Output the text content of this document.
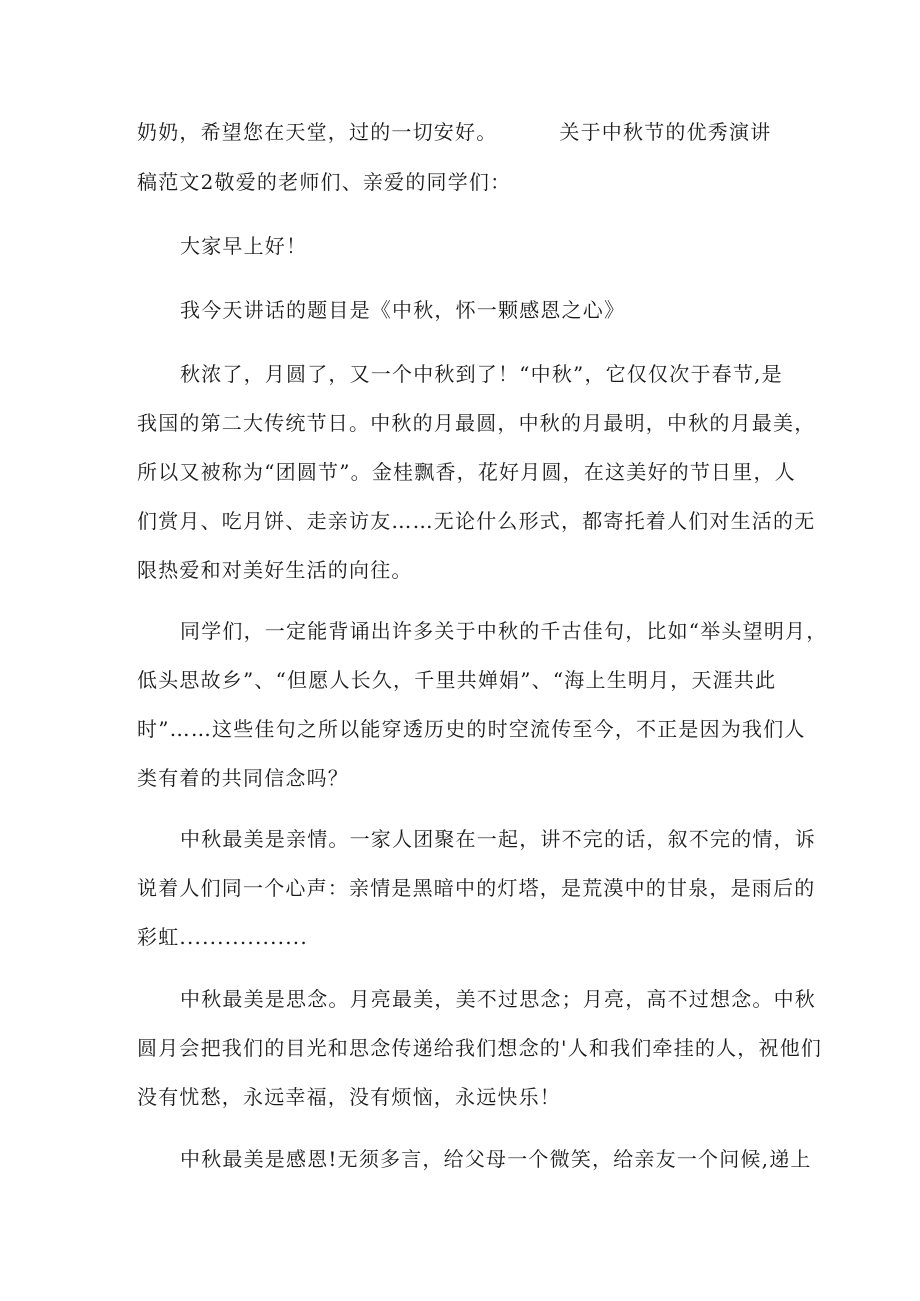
奶奶，希望您在天堂，过的一切安好。	关于中秋节的优秀演讲
稿范文2敬爱的老师们、亲爱的同学们：
大家早上好！
我今天讲话的题目是《中秋，怀一颗感恩之心》
秋浓了，月圆了，又一个中秋到了！“中秋”，它仅仅次于春节,是
我国的第二大传统节日。中秋的月最圆，中秋的月最明，中秋的月最美，
所以又被称为“团圆节”。金桂飘香，花好月圆，在这美好的节日里，人
们赏月、吃月饼、走亲访友……无论什么形式，都寄托着人们对生活的无
限热爱和对美好生活的向往。
同学们，一定能背诵出许多关于中秋的千古佳句，比如“举头望明月，
低头思故乡”、“但愿人长久，千里共婵娟”、“海上生明月，天涯共此
时”……这些佳句之所以能穿透历史的时空流传至今，不正是因为我们人
类有着的共同信念吗？
中秋最美是亲情。一家人团聚在一起，讲不完的话，叙不完的情，诉
说着人们同一个心声：亲情是黑暗中的灯塔，是荒漠中的甘泉，是雨后的
彩虹.................
中秋最美是思念。月亮最美，美不过思念；月亮，高不过想念。中秋
圆月会把我们的目光和思念传递给我们想念的'人和我们牵挂的人，祝他们
没有忧愁，永远幸福，没有烦恼，永远快乐！
中秋最美是感恩!无须多言，给父母一个微笑，给亲友一个问候,递上
